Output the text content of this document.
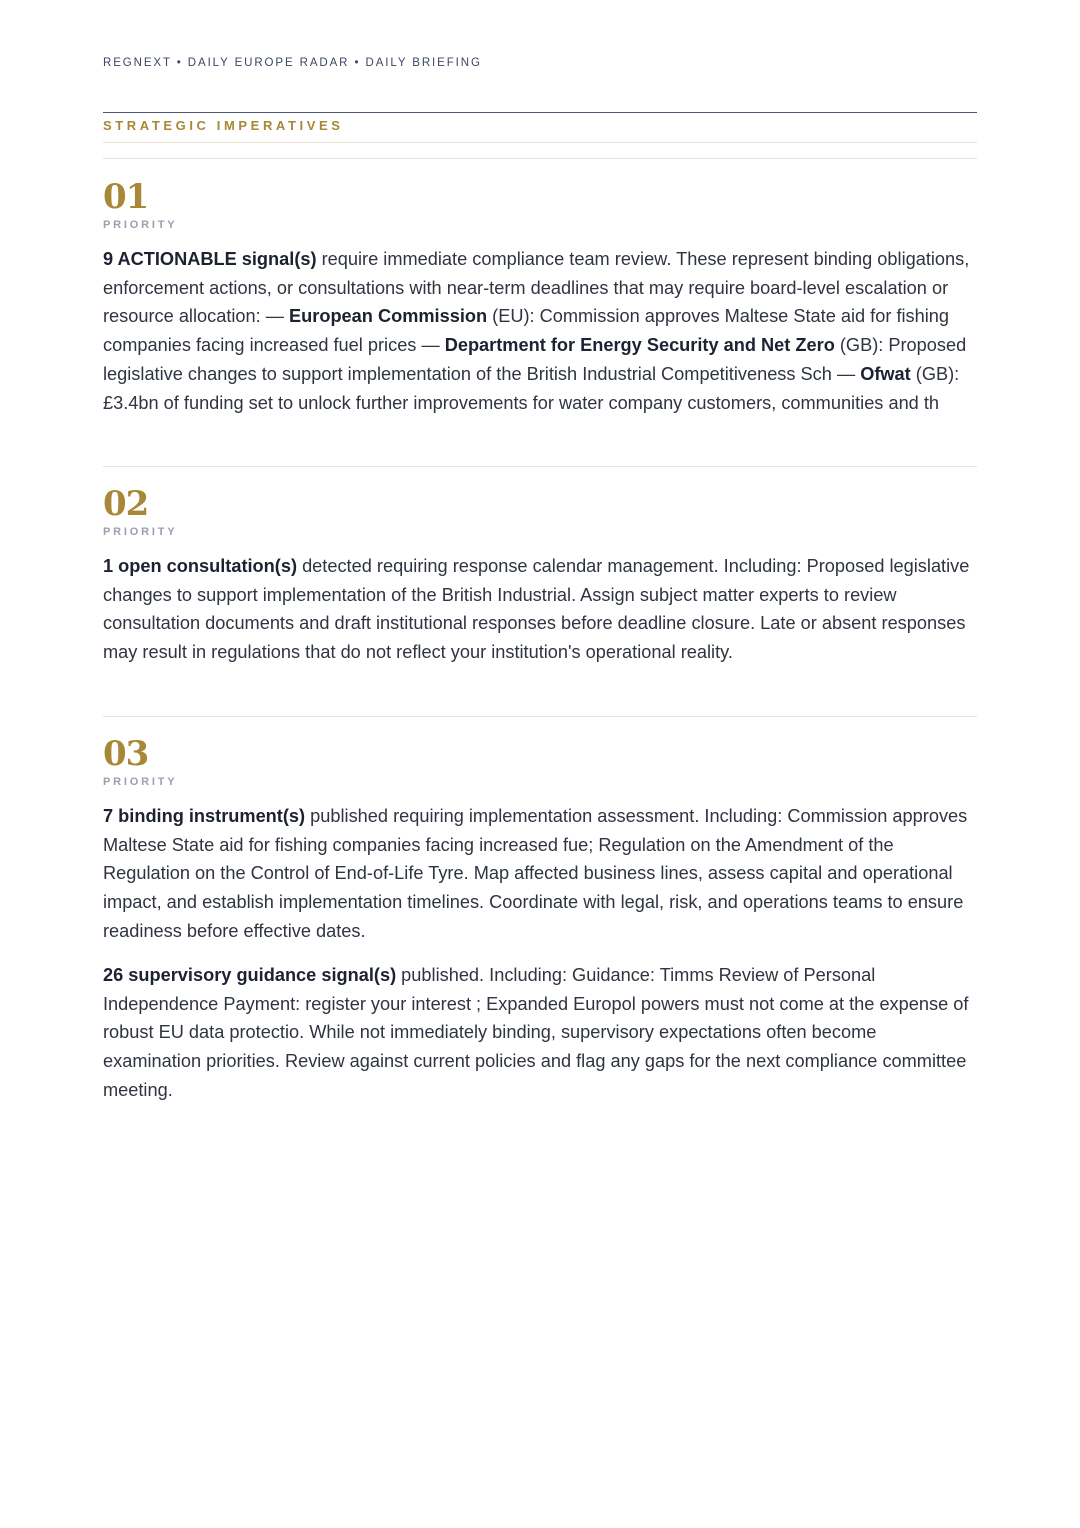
REGNEXT • DAILY EUROPE RADAR • DAILY BRIEFING
STRATEGIC IMPERATIVES
01
PRIORITY

9 ACTIONABLE signal(s) require immediate compliance team review. These represent binding obligations, enforcement actions, or consultations with near-term deadlines that may require board-level escalation or resource allocation: — European Commission (EU): Commission approves Maltese State aid for fishing companies facing increased fuel prices — Department for Energy Security and Net Zero (GB): Proposed legislative changes to support implementation of the British Industrial Competitiveness Sch — Ofwat (GB): £3.4bn of funding set to unlock further improvements for water company customers, communities and th

02
PRIORITY

1 open consultation(s) detected requiring response calendar management. Including: Proposed legislative changes to support implementation of the British Industrial. Assign subject matter experts to review consultation documents and draft institutional responses before deadline closure. Late or absent responses may result in regulations that do not reflect your institution's operational reality.

03
PRIORITY

7 binding instrument(s) published requiring implementation assessment. Including: Commission approves Maltese State aid for fishing companies facing increased fue; Regulation on the Amendment of the Regulation on the Control of End-of-Life Tyre. Map affected business lines, assess capital and operational impact, and establish implementation timelines. Coordinate with legal, risk, and operations teams to ensure readiness before effective dates.

26 supervisory guidance signal(s) published. Including: Guidance: Timms Review of Personal Independence Payment: register your interest ; Expanded Europol powers must not come at the expense of robust EU data protectio. While not immediately binding, supervisory expectations often become examination priorities. Review against current policies and flag any gaps for the next compliance committee meeting.
